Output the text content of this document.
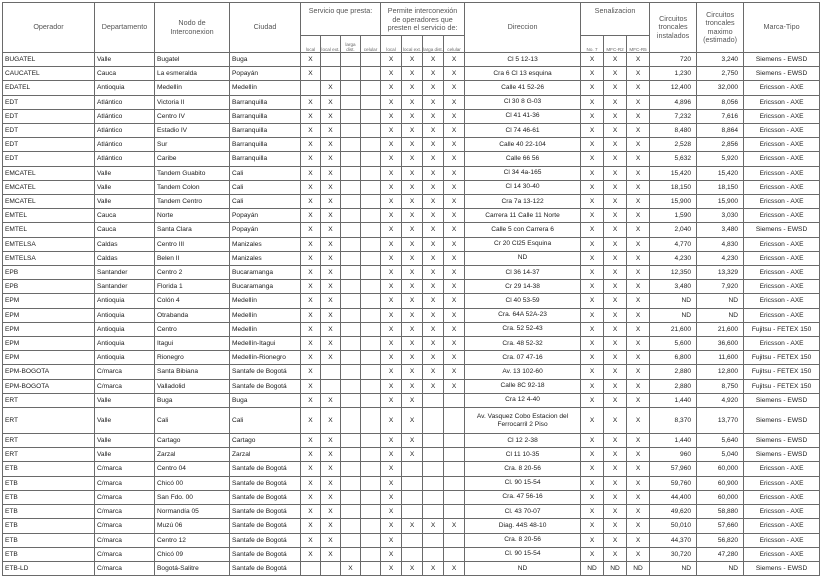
Operador	Departamento	Nodo de Interconexion	Ciudad	Servicio que presta:				Permite interconexión de operadores que presten el servicio de:				Direccion	Senalizacion			Circuitos troncales instalados	Circuitos troncales maximo (estimado)	Marca-Tipo
				local	local ext.	larga dist.	celular	local	local ext.	larga dist.	celular		No. 7	MFC-R2	MFC-R5			
BUGATEL	Valle	Bugatel	Buga	X				X	X	X	X	Cl 5 12-13	X	X	X	720	3,240	Siemens - EWSD
CAUCATEL	Cauca	La esmeralda	Popayán	X				X	X	X	X	Cra 6 Cl 13 esquina	X	X	X	1,230	2,750	Siemens - EWSD
EDATEL	Antioquia	Medellín	Medellín		X			X	X	X	X	Calle 41 52-26	X	X	X	12,400	32,000	Ericsson - AXE
EDT	Atlántico	Victoria II	Barranquilla	X	X			X	X	X	X	Cl 30 8 G-03	X	X	X	4,896	8,056	Ericsson - AXE
EDT	Atlántico	Centro IV	Barranquilla	X	X			X	X	X	X	Cl 41 41-36	X	X	X	7,232	7,616	Ericsson - AXE
EDT	Atlántico	Estadio IV	Barranquilla	X	X			X	X	X	X	Cl 74 46-61	X	X	X	8,480	8,864	Ericsson - AXE
EDT	Atlántico	Sur	Barranquilla	X	X			X	X	X	X	Calle 40 22-104	X	X	X	2,528	2,856	Ericsson - AXE
EDT	Atlántico	Caribe	Barranquilla	X	X			X	X	X	X	Calle 66 56	X	X	X	5,632	5,920	Ericsson - AXE
EMCATEL	Valle	Tandem Guabito	Cali	X	X			X	X	X	X	Cl 34 4a-165	X	X	X	15,420	15,420	Ericsson - AXE
EMCATEL	Valle	Tandem Colon	Cali	X	X			X	X	X	X	Cl 14 30-40	X	X	X	18,150	18,150	Ericsson - AXE
EMCATEL	Valle	Tandem Centro	Cali	X	X			X	X	X	X	Cra 7a 13-122	X	X	X	15,900	15,900	Ericsson - AXE
EMTEL	Cauca	Norte	Popayán	X	X			X	X	X	X	Carrera 11 Calle 11 Norte	X	X	X	1,590	3,030	Ericsson - AXE
EMTEL	Cauca	Santa Clara	Popayán	X	X			X	X	X	X	Calle 5 con Carrera 6	X	X	X	2,040	3,480	Siemens - EWSD
EMTELSA	Caldas	Centro III	Manizales	X	X			X	X	X	X	Cr 20 Cl25 Esquina	X	X	X	4,770	4,830	Ericsson - AXE
EMTELSA	Caldas	Belen II	Manizales	X	X			X	X	X	X	ND	X	X	X	4,230	4,230	Ericsson - AXE
EPB	Santander	Centro 2	Bucaramanga	X	X			X	X	X	X	Cl 36 14-37	X	X	X	12,350	13,329	Ericsson - AXE
EPB	Santander	Florida 1	Bucaramanga	X	X			X	X	X	X	Cr 29 14-38	X	X	X	3,480	7,920	Ericsson - AXE
EPM	Antioquia	Colón 4	Medellín	X	X			X	X	X	X	Cl 40 53-59	X	X	X	ND	ND	Ericsson - AXE
EPM	Antioquia	Otrabanda	Medellín	X	X			X	X	X	X	Cra. 64A 52A-23	X	X	X	ND	ND	Ericsson - AXE
EPM	Antioquia	Centro	Medellín	X	X			X	X	X	X	Cra. 52 52-43	X	X	X	21,600	21,600	Fujitsu - FETEX 150
EPM	Antioquia	Itagui	Medellín-Itagui	X	X			X	X	X	X	Cra. 48 52-32	X	X	X	5,600	36,600	Ericsson - AXE
EPM	Antioquia	Rionegro	Medellín-Rionegro	X	X			X	X	X	X	Cra. 07 47-16	X	X	X	6,800	11,600	Fujitsu - FETEX 150
EPM-BOGOTA	C/marca	Santa Bibiana	Santafe de Bogotá	X				X	X	X	X	Av. 13 102-60	X	X	X	2,880	12,800	Fujitsu - FETEX 150
EPM-BOGOTA	C/marca	Valladolid	Santafe de Bogotá	X				X	X	X	X	Calle 8C 92-18	X	X	X	2,880	8,750	Fujitsu - FETEX 150
ERT	Valle	Buga	Buga	X	X			X	X			Cra 12 4-40	X	X	X	1,440	4,920	Siemens - EWSD
ERT	Valle	Cali	Cali	X	X			X	X			Av. Vasquez Cobo Estacion del Ferrocarril 2 Piso	X	X	X	8,370	13,770	Siemens - EWSD
ERT	Valle	Cartago	Cartago	X	X			X	X			Cl 12 2-38	X	X	X	1,440	5,640	Siemens - EWSD
ERT	Valle	Zarzal	Zarzal	X	X			X	X			Cl 11 10-35	X	X	X	960	5,040	Siemens - EWSD
ETB	C/marca	Centro 04	Santafe de Bogotá	X	X			X				Cra. 8 20-56	X	X	X	57,960	60,000	Ericsson - AXE
ETB	C/marca	Chicó 00	Santafe de Bogotá	X	X			X				Cl. 90 15-54	X	X	X	59,760	60,900	Ericsson - AXE
ETB	C/marca	San Fdo. 00	Santafe de Bogotá	X	X			X				Cra. 47 56-16	X	X	X	44,400	60,000	Ericsson - AXE
ETB	C/marca	Normandía 05	Santafe de Bogotá	X	X			X				Cl. 43 70-07	X	X	X	49,620	58,880	Ericsson - AXE
ETB	C/marca	Muzú 06	Santafe de Bogotá	X	X			X	X	X	X	Diag. 44S 48-10	X	X	X	50,010	57,660	Ericsson - AXE
ETB	C/marca	Centro 12	Santafe de Bogotá	X	X			X				Cra. 8 20-56	X	X	X	44,370	56,820	Ericsson - AXE
ETB	C/marca	Chicó 09	Santafe de Bogotá	X	X			X				Cl. 90 15-54	X	X	X	30,720	47,280	Ericsson - AXE
ETB-LD	C/marca	Bogotá-Salitre	Santafe de Bogotá			X		X	X	X	X	ND	ND	ND	ND	ND	ND	Siemens - EWSD
